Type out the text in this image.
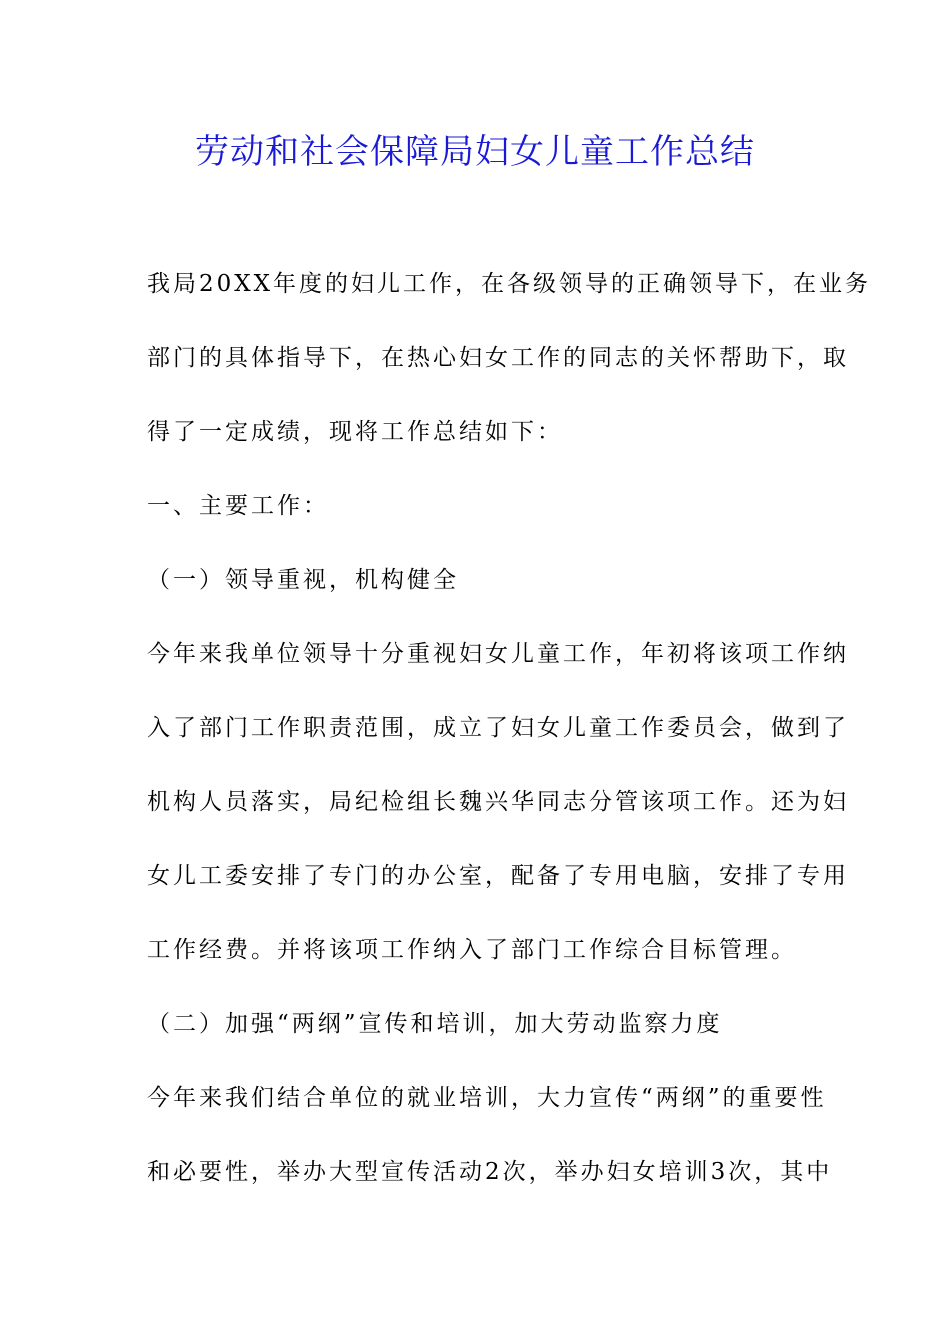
劳动和社会保障局妇女儿童工作总结
我局20XX年度的妇儿工作，在各级领导的正确领导下，在业务
部门的具体指导下，在热心妇女工作的同志的关怀帮助下，取
得了一定成绩，现将工作总结如下：
一、主要工作：
（一）领导重视，机构健全
今年来我单位领导十分重视妇女儿童工作，年初将该项工作纳
入了部门工作职责范围，成立了妇女儿童工作委员会，做到了
机构人员落实，局纪检组长魏兴华同志分管该项工作。还为妇
女儿工委安排了专门的办公室，配备了专用电脑，安排了专用
工作经费。并将该项工作纳入了部门工作综合目标管理。
（二）加强“两纲”宣传和培训，加大劳动监察力度
今年来我们结合单位的就业培训，大力宣传“两纲”的重要性
和必要性，举办大型宣传活动2次，举办妇女培训3次，其中
